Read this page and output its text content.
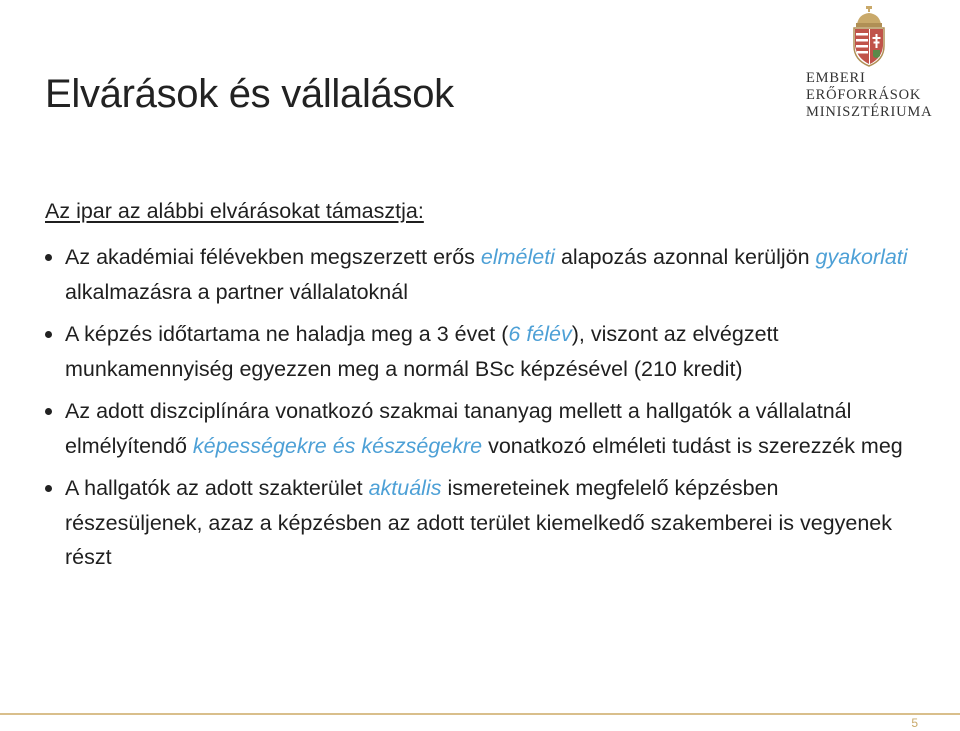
EMBERI ERŐFORRÁSOK
MINISZTÉRIUMA
Elvárások és vállalások

Az ipar az alábbi elvárásokat támasztja:

Az akadémiai félévekben megszerzett erős elméleti alapozás azonnal kerüljön gyakorlati alkalmazásra a partner vállalatoknál
A képzés időtartama ne haladja meg a 3 évet (6 félév), viszont az elvégzett munkamennyiség egyezzen meg a normál BSc képzésével (210 kredit)
Az adott diszciplínára vonatkozó szakmai tananyag mellett a hallgatók a vállalatnál elmélyítendő képességekre és készségekre vonatkozó elméleti tudást is szerezzék meg
A hallgatók az adott szakterület aktuális ismereteinek megfelelő képzésben részesüljenek, azaz a képzésben az adott terület kiemelkedő szakemberei is vegyenek részt
5
